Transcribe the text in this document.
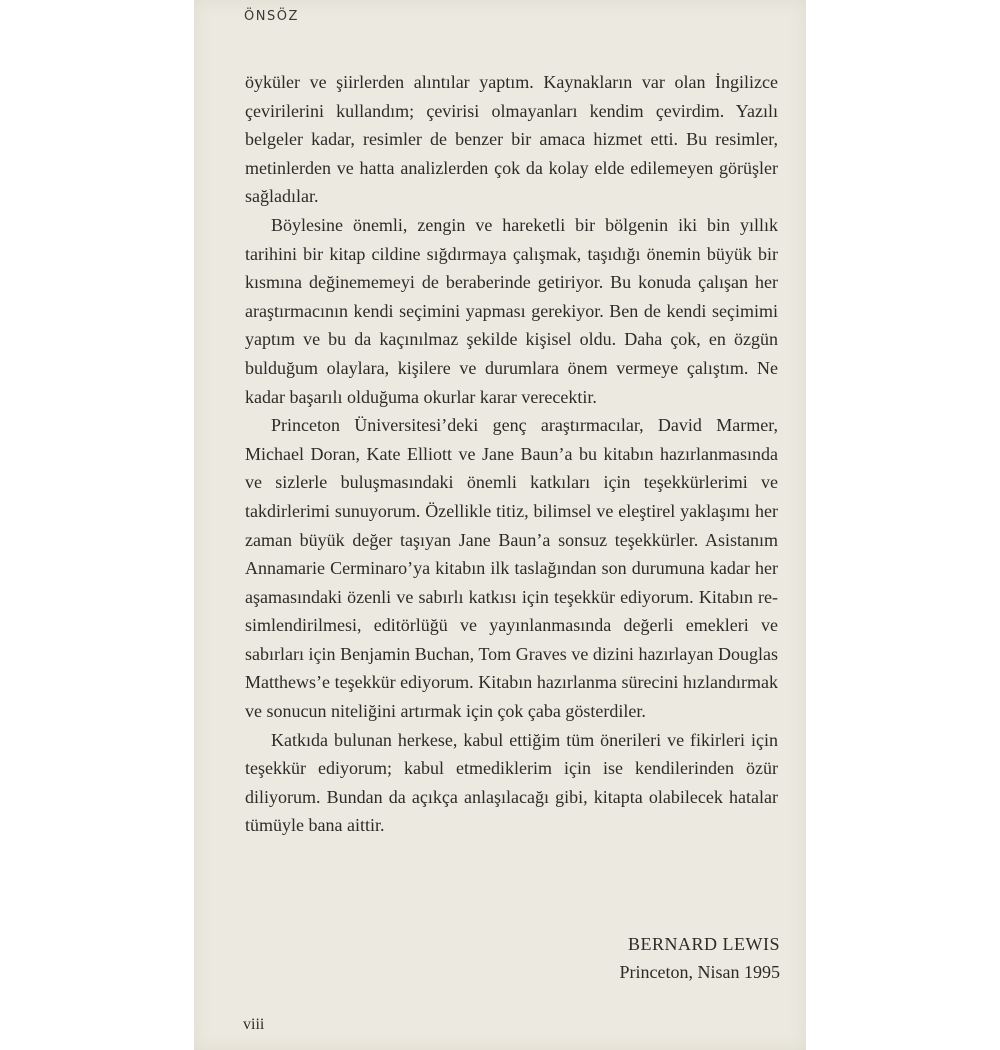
ÖNSÖZ

öyküler ve şiirlerden alıntılar yaptım. Kaynakların var olan İngilizce çevirilerini kullandım; çevirisi olmayanları kendim çevirdim. Yazılı belgeler kadar, resimler de benzer bir amaca hizmet etti. Bu resimler, metinlerden ve hatta analizlerden çok da kolay elde edilemeyen görüşler sağladılar.

Böylesine önemli, zengin ve hareketli bir bölgenin iki bin yıllık tarihini bir kitap cildine sığdırmaya çalışmak, taşıdığı önemin büyük bir kısmına değinememeyi de beraberinde getiriyor. Bu konuda çalışan her araştırmacının kendi seçimini yapması gerekiyor. Ben de kendi seçimimi yaptım ve bu da kaçınılmaz şekilde kişisel oldu. Daha çok, en özgün bulduğum olaylara, kişilere ve durumlara önem vermeye çalıştım. Ne kadar başarılı olduğuma okurlar karar verecektir.

Princeton Üniversitesi’deki genç araştırmacılar, David Marmer, Michael Doran, Kate Elliott ve Jane Baun’a bu kitabın hazırlanmasında ve sizlerle buluşmasındaki önemli katkıları için teşekkürlerimi ve takdirlerimi sunuyorum. Özellikle titiz, bilimsel ve eleştirel yaklaşımı her zaman büyük değer taşıyan Jane Baun’a sonsuz teşekkürler. Asistanım Annamarie Cerminaro’ya kitabın ilk taslağından son durumuna kadar her aşamasındaki özenli ve sabırlı katkısı için teşekkür ediyorum. Kitabın resimlendirilmesi, editörlüğü ve yayınlanmasında değerli emekleri ve sabırları için Benjamin Buchan, Tom Graves ve dizini hazırlayan Douglas Matthews’e teşekkür ediyorum. Kitabın hazırlanma sürecini hızlandırmak ve sonucun niteliğini artırmak için çok çaba gösterdiler.

Katkıda bulunan herkese, kabul ettiğim tüm önerileri ve fikirleri için teşekkür ediyorum; kabul etmediklerim için ise kendilerinden özür diliyorum. Bundan da açıkça anlaşılacağı gibi, kitapta olabilecek hatalar tümüyle bana aittir.

BERNARD LEWIS
Princeton, Nisan 1995
viii
